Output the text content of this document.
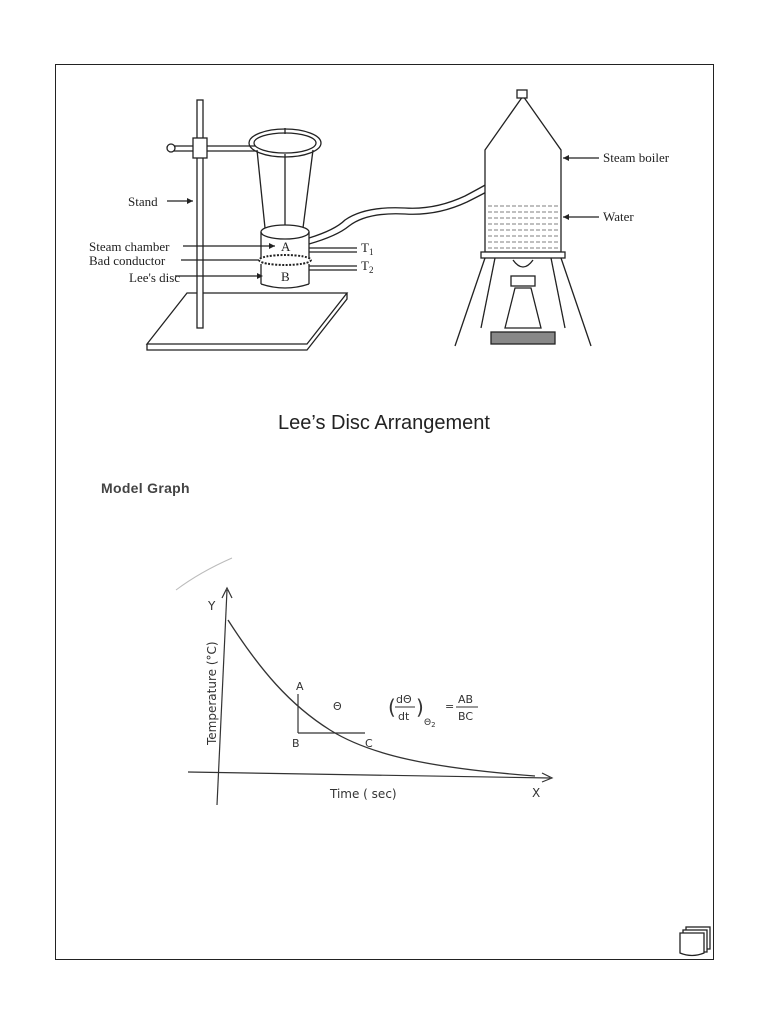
Stand
Steam chamber
Bad conductor
Lee's disc
A
B
$T_1$
$T_2$
Steam boiler
Water
Lee’s Disc Arrangement
Model Graph
Y
X
Time ( sec)
Temperature (°C)	A
B	C
Θ ( dΘ
dt )
$\Theta_2$
=
AB
BC
